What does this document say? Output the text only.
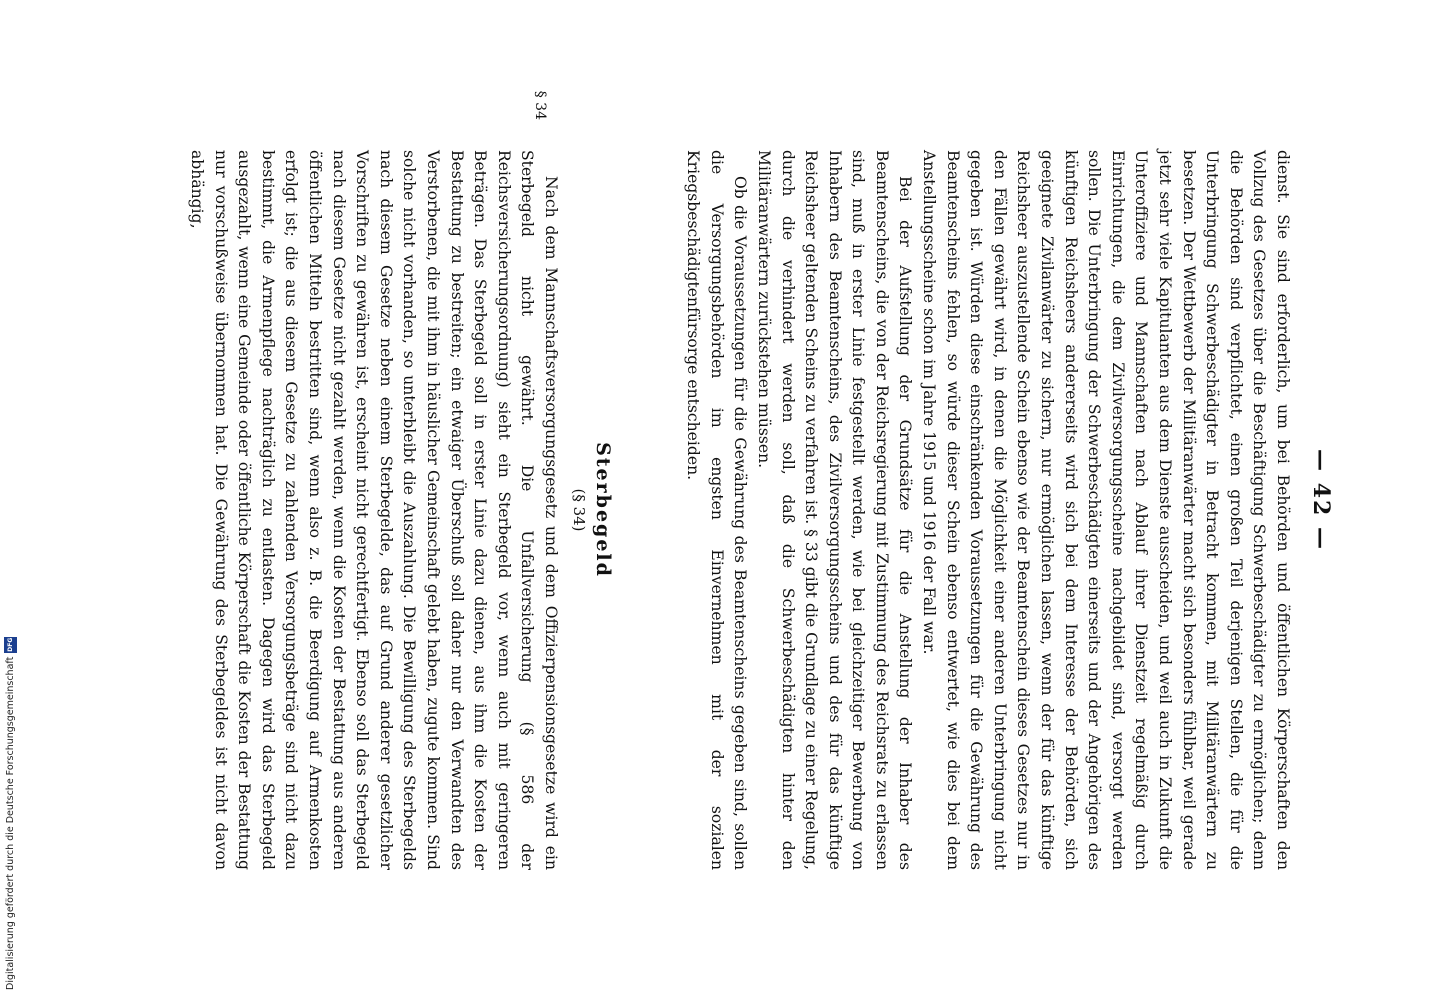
— 42 —

dienst. Sie sind erforderlich, um bei Behörden und öffentlichen Körperschaften den Vollzug des Gesetzes über die Beschäftigung Schwerbeschädigter zu ermöglichen; denn die Behörden sind verpflichtet, einen großen Teil derjenigen Stellen, die für die Unterbringung Schwerbeschädigter in Betracht kommen, mit Militäranwärtern zu besetzen. Der Wettbewerb der Militäranwärter macht sich besonders fühlbar, weil gerade jetzt sehr viele Kapitulanten aus dem Dienste ausscheiden, und weil auch in Zukunft die Unteroffiziere und Mannschaften nach Ablauf ihrer Dienstzeit regelmäßig durch Einrichtungen, die dem Zivilversorgungsscheine nachgebildet sind, versorgt werden sollen. Die Unterbringung der Schwerbeschädigten einerseits und der Angehörigen des künftigen Reichsheers andererseits wird sich bei dem Interesse der Behörden, sich geeignete Zivilanwärter zu sichern, nur ermöglichen lassen, wenn der für das künftige Reichsheer auszustellende Schein ebenso wie der Beamtenschein dieses Gesetzes nur in den Fällen gewährt wird, in denen die Möglichkeit einer anderen Unterbringung nicht gegeben ist. Würden diese einschränkenden Voraussetzungen für die Gewährung des Beamtenscheins fehlen, so würde dieser Schein ebenso entwertet, wie dies bei dem Anstellungsscheine schon im Jahre 1915 und 1916 der Fall war.

Bei der Aufstellung der Grundsätze für die Anstellung der Inhaber des Beamtenscheins, die von der Reichsregierung mit Zustimmung des Reichsrats zu erlassen sind, muß in erster Linie festgestellt werden, wie bei gleichzeitiger Bewerbung von Inhabern des Beamtenscheins, des Zivilversorgungsscheins und des für das künftige Reichsheer geltenden Scheins zu verfahren ist. § 33 gibt die Grundlage zu einer Regelung, durch die verhindert werden soll, daß die Schwerbeschädigten hinter den Militäranwärtern zurückstehen müssen.

Ob die Voraussetzungen für die Gewährung des Beamtenscheins gegeben sind, sollen die Versorgungsbehörden im engsten Einvernehmen mit der sozialen Kriegsbeschädigtenfürsorge entscheiden.

Sterbegeld
(§ 34)
§ 34

Nach dem Mannschaftsversorgungsgesetz und dem Offizierpensionsgesetze wird ein Sterbegeld nicht gewährt. Die Unfallversicherung (§ 586 der Reichsversicherungsordnung) sieht ein Sterbegeld vor, wenn auch mit geringeren Beträgen. Das Sterbegeld soll in erster Linie dazu dienen, aus ihm die Kosten der Bestattung zu bestreiten; ein etwaiger Überschuß soll daher nur den Verwandten des Verstorbenen, die mit ihm in häuslicher Gemeinschaft gelebt haben, zugute kommen. Sind solche nicht vorhanden, so unterbleibt die Auszahlung. Die Bewilligung des Sterbegelds nach diesem Gesetze neben einem Sterbegelde, das auf Grund anderer gesetzlicher Vorschriften zu gewähren ist, erscheint nicht gerechtfertigt. Ebenso soll das Sterbegeld nach diesem Gesetze nicht gezahlt werden, wenn die Kosten der Bestattung aus anderen öffentlichen Mitteln bestritten sind, wenn also z. B. die Beerdigung auf Armenkosten erfolgt ist; die aus diesem Gesetze zu zahlenden Versorgungsbeträge sind nicht dazu bestimmt, die Armenpflege nachträglich zu entlasten. Dagegen wird das Sterbegeld ausgezahlt, wenn eine Gemeinde oder öffentliche Körperschaft die Kosten der Bestattung nur vorschußweise übernommen hat. Die Gewährung des Sterbegeldes ist nicht davon abhängig,

Digitalisierung gefördert durch die Deutsche Forschungsgemeinschaft
DFG
